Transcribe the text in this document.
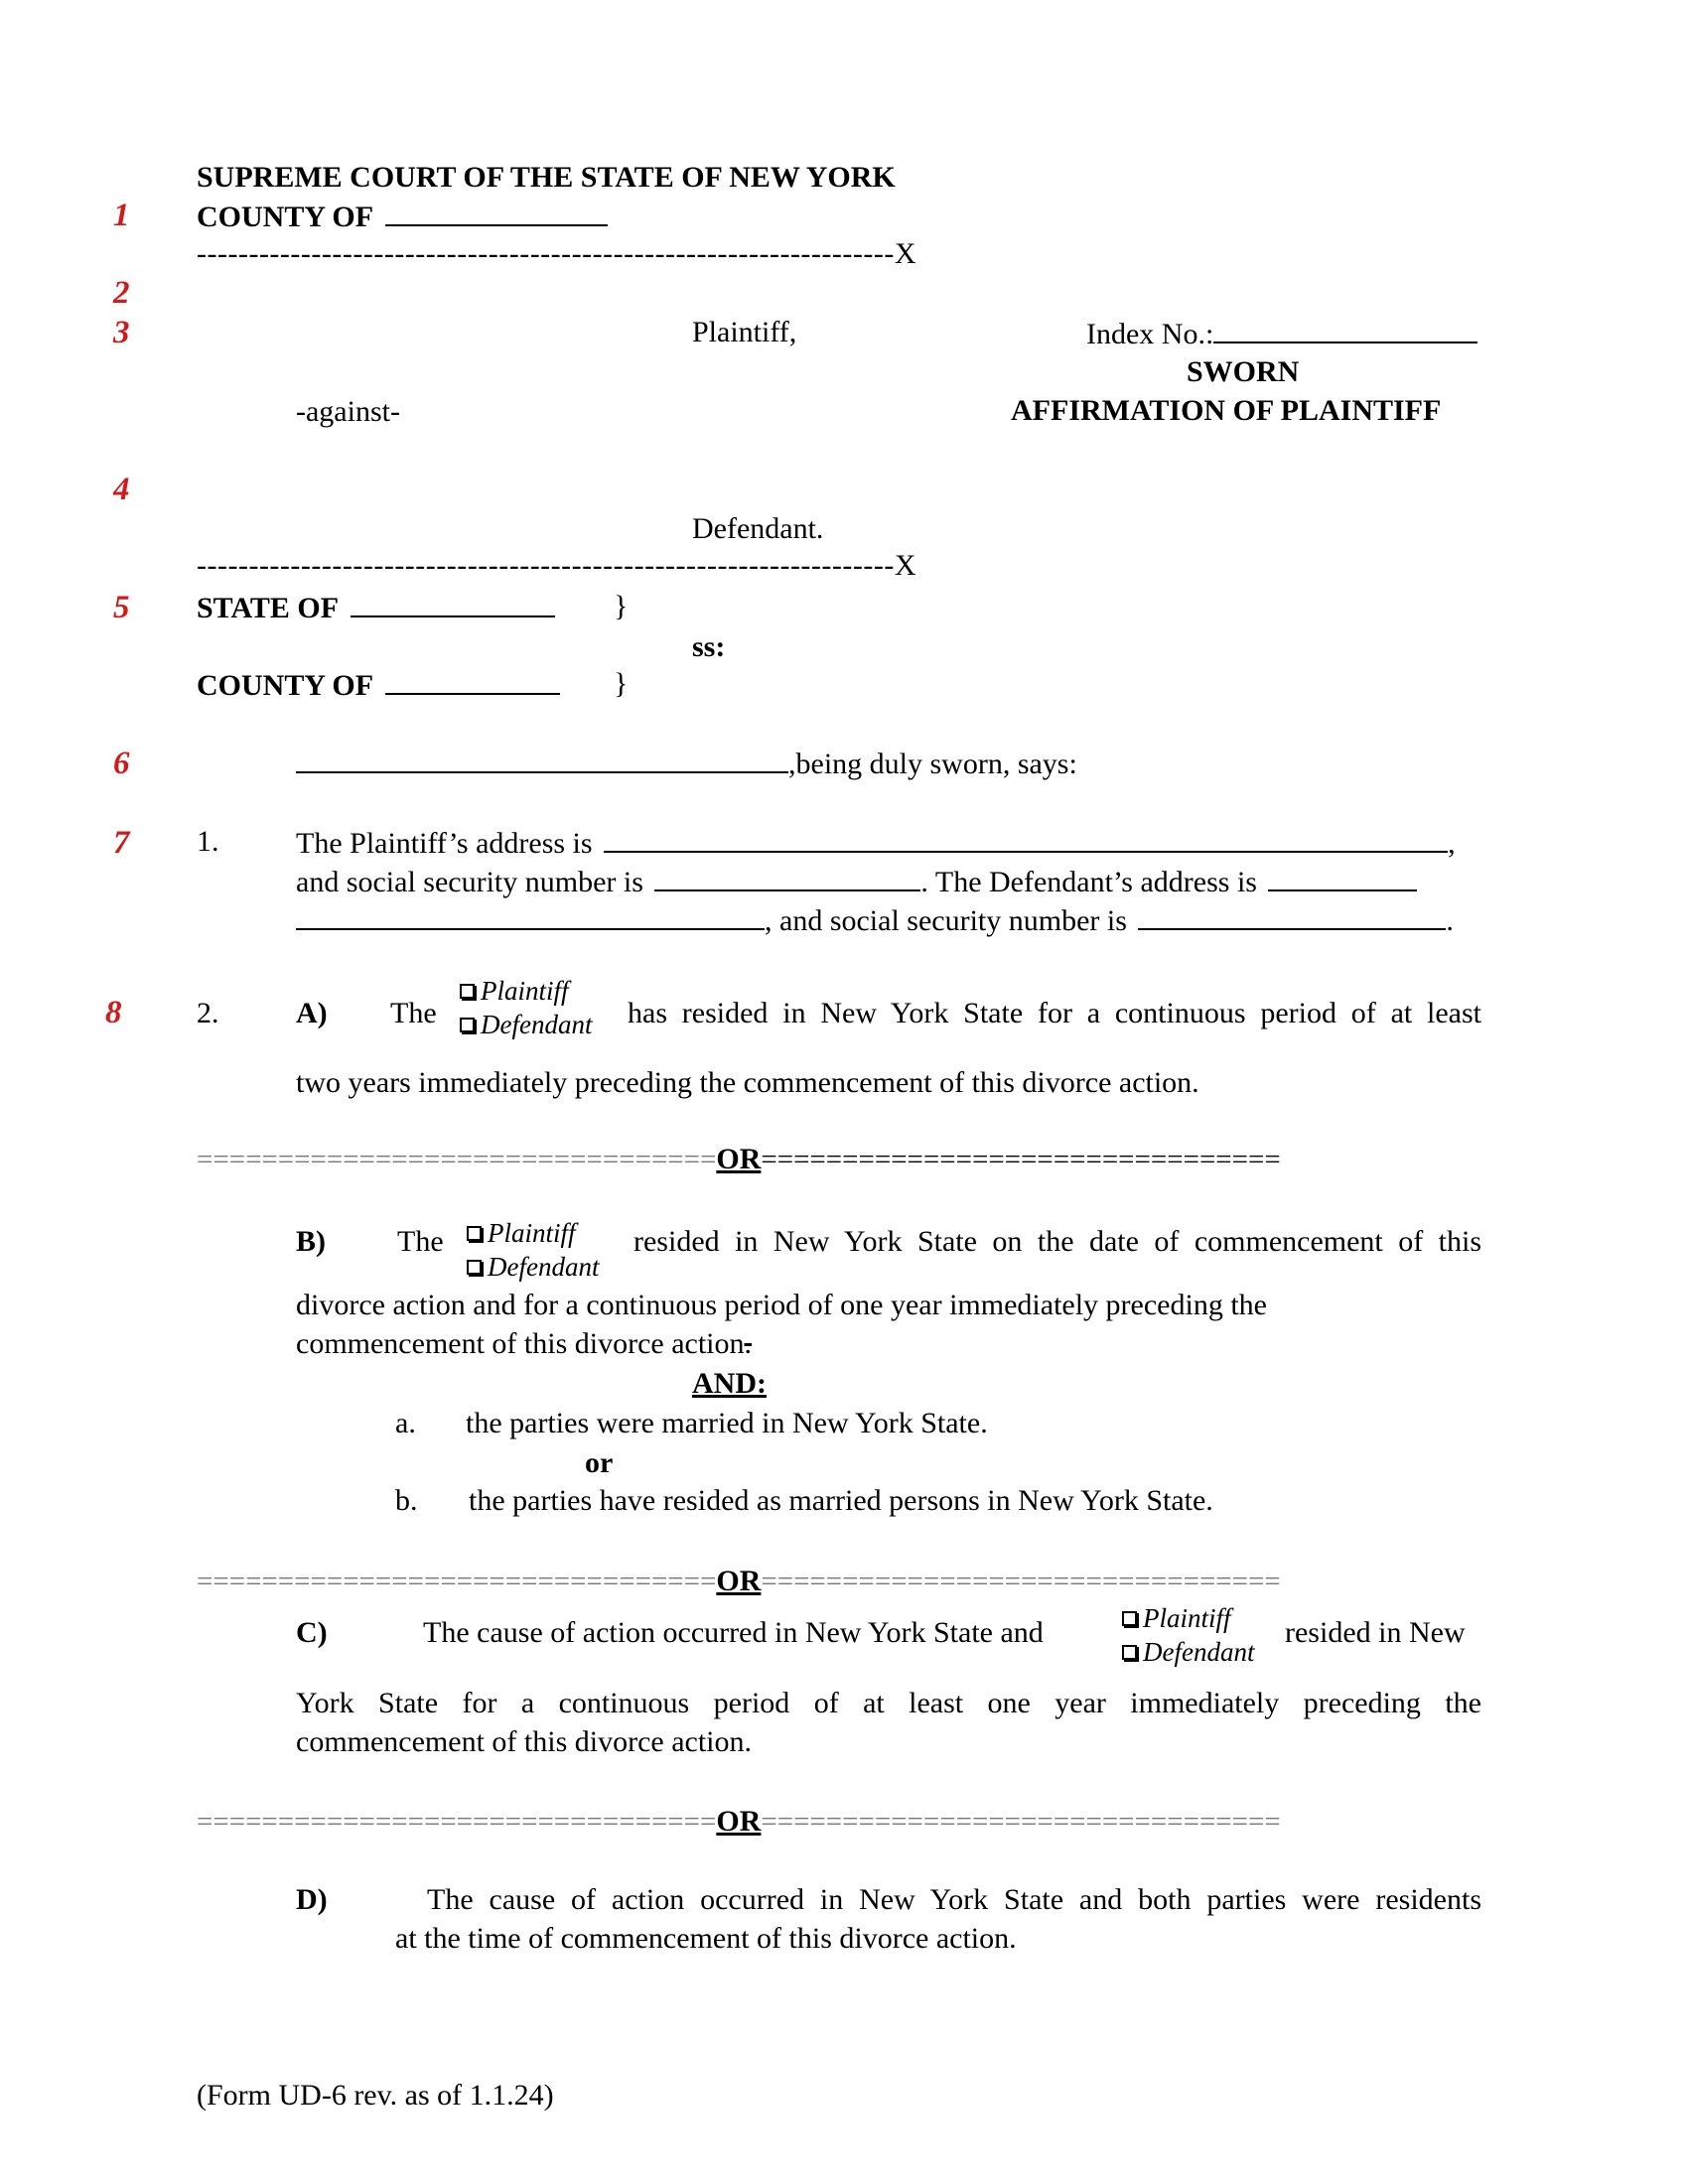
1
2
3
4
5
6
7
8
SUPREME COURT OF THE STATE OF NEW YORK
COUNTY OF
-------------------------------------------------------------------X
Plaintiff,	Index No.:
SWORN
AFFIRMATION OF PLAINTIFF
-against-
Defendant.
-------------------------------------------------------------------X
STATE OF	}
ss:
COUNTY OF	}
,being duly sworn, says:
1.	The Plaintiff’s address is	,
and social security number is	. The Defendant’s address is
, and social security number is	.
2.	A) The
Plaintiff
Defendant has resided in New York State for a continuous period of at least
two years immediately preceding the commencement of this divorce action.
================================OR================================
B) The	Plaintiff
Defendant
resided in New York State on the date of commencement of this
divorce action and for a continuous period of one year immediately preceding the
commencement of this divorce action.
AND:
a. the parties were married in New York State.
or
b. the parties have resided as married persons in New York State.
================================OR================================
C)	The cause of action occurred in New York State and	Plaintiff
Defendant
resided in New
York State for a continuous period of at least one year immediately preceding the
commencement of this divorce action.
================================OR================================
D)	The cause of action occurred in New York State and both parties were residents
at the time of commencement of this divorce action.
(Form UD-6 rev. as of 1.1.24)
